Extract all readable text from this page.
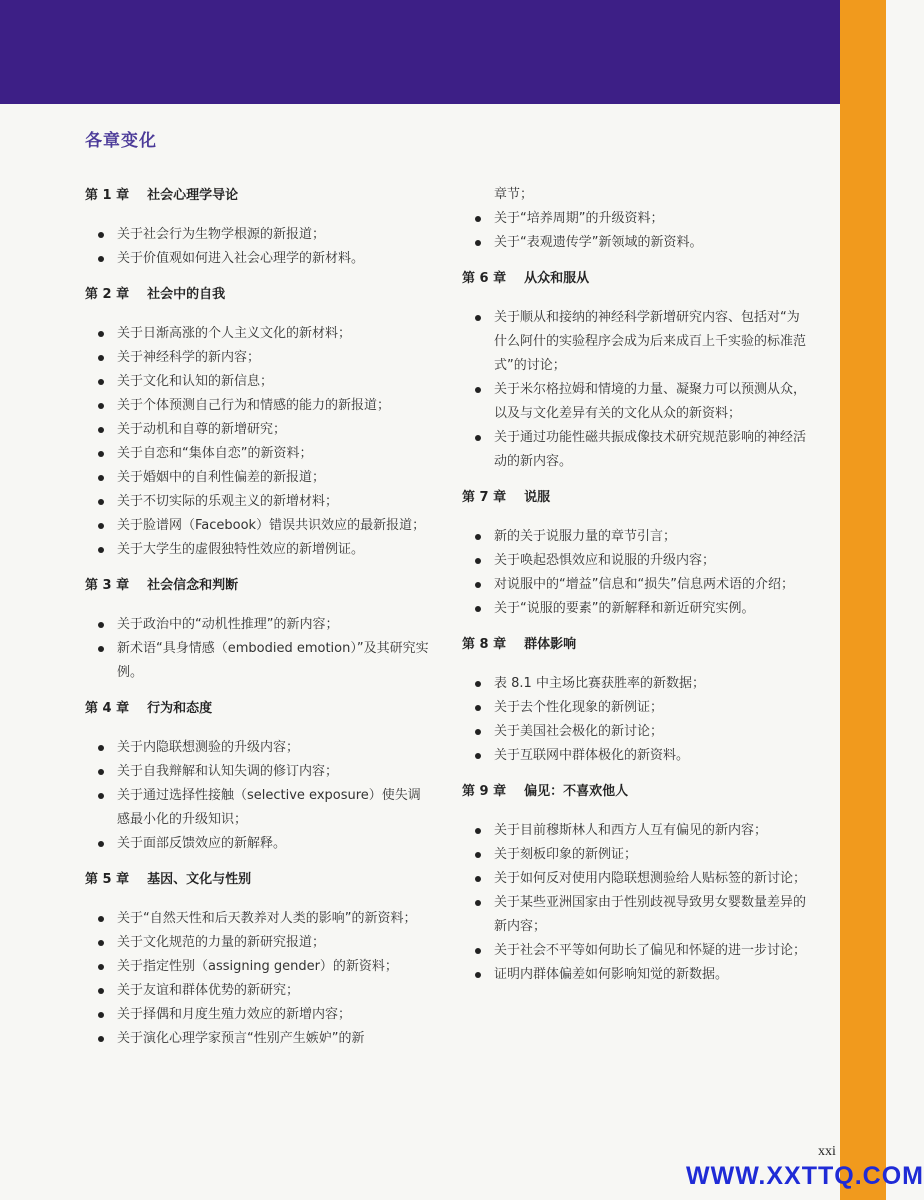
各章变化
第 1 章 社会心理学导论
关于社会行为生物学根源的新报道；
关于价值观如何进入社会心理学的新材料。
第 2 章 社会中的自我
关于日渐高涨的个人主义文化的新材料；
关于神经科学的新内容；
关于文化和认知的新信息；
关于个体预测自己行为和情感的能力的新报道；
关于动机和自尊的新增研究；
关于自恋和“集体自恋”的新资料；
关于婚姻中的自利性偏差的新报道；
关于不切实际的乐观主义的新增材料；
关于脸谱网（Facebook）错误共识效应的最新报道；
关于大学生的虚假独特性效应的新增例证。
第 3 章 社会信念和判断
关于政治中的“动机性推理”的新内容；
新术语“具身情感（embodied emotion）”及其研究实例。
第 4 章 行为和态度
关于内隐联想测验的升级内容；
关于自我辩解和认知失调的修订内容；
关于通过选择性接触（selective exposure）使失调感最小化的升级知识；
关于面部反馈效应的新解释。
第 5 章 基因、文化与性别
关于“自然天性和后天教养对人类的影响”的新资料；
关于文化规范的力量的新研究报道；
关于指定性别（assigning gender）的新资料；
关于友谊和群体优势的新研究；
关于择偶和月度生殖力效应的新增内容；
关于演化心理学家预言“性别产生嫉妒”的新
章节；
关于“培养周期”的升级资料；
关于“表观遗传学”新领域的新资料。
第 6 章 从众和服从
关于顺从和接纳的神经科学新增研究内容、包括对“为什么阿什的实验程序会成为后来成百上千实验的标准范式”的讨论；
关于米尔格拉姆和情境的力量、凝聚力可以预测从众，以及与文化差异有关的文化从众的新资料；
关于通过功能性磁共振成像技术研究规范影响的神经活动的新内容。
第 7 章 说服
新的关于说服力量的章节引言；
关于唤起恐惧效应和说服的升级内容；
对说服中的“增益”信息和“损失”信息两术语的介绍；
关于“说服的要素”的新解释和新近研究实例。
第 8 章 群体影响
表 8.1 中主场比赛获胜率的新数据；
关于去个性化现象的新例证；
关于美国社会极化的新讨论；
关于互联网中群体极化的新资料。
第 9 章 偏见：不喜欢他人
关于目前穆斯林人和西方人互有偏见的新内容；
关于刻板印象的新例证；
关于如何反对使用内隐联想测验给人贴标签的新讨论；
关于某些亚洲国家由于性别歧视导致男女婴数量差异的新内容；
关于社会不平等如何助长了偏见和怀疑的进一步讨论；
证明内群体偏差如何影响知觉的新数据。
xxi
WWW.XXTTQ.COM
